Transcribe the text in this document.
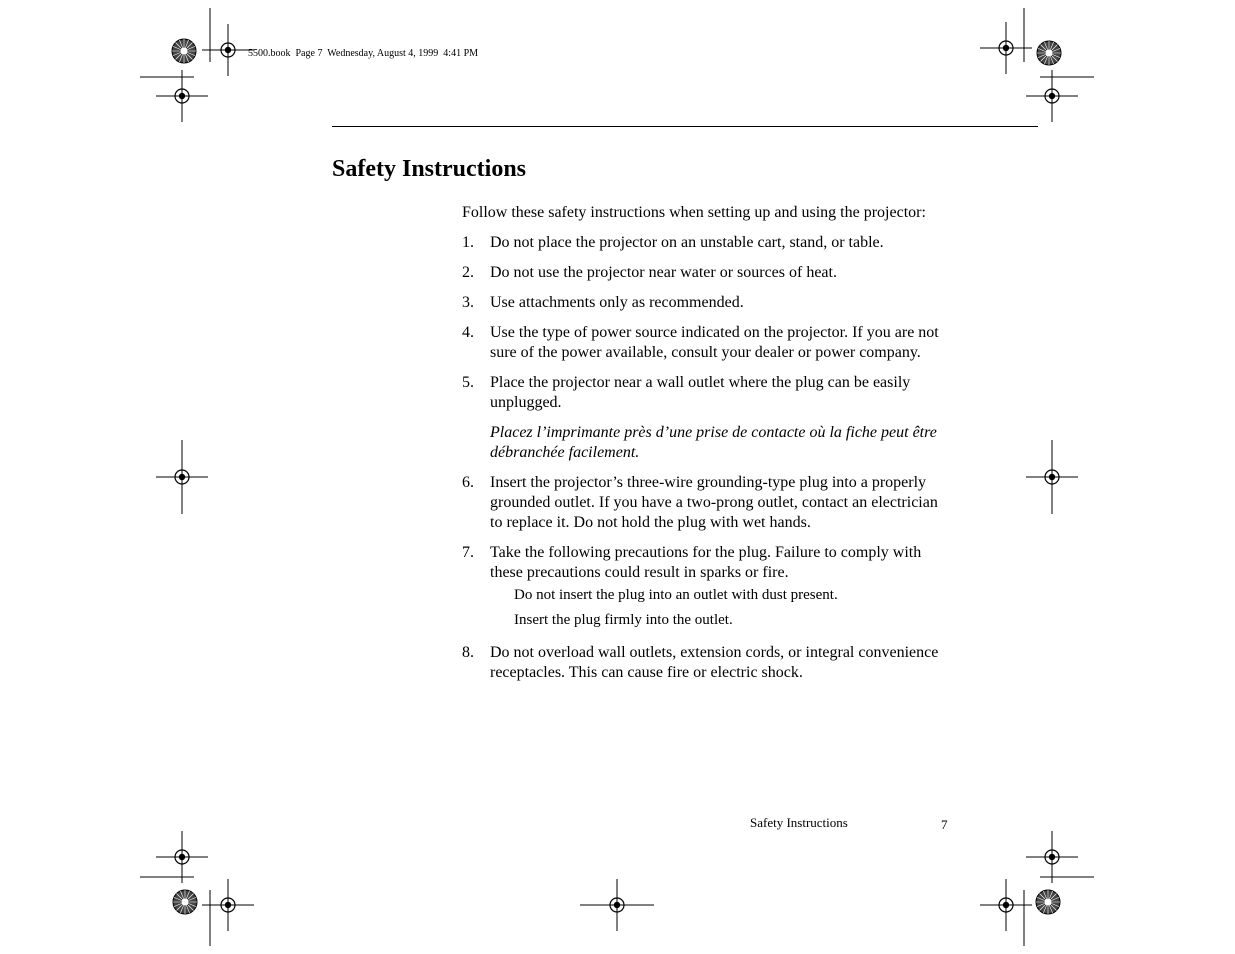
5500.book  Page 7  Wednesday, August 4, 1999  4:41 PM
Safety Instructions

Follow these safety instructions when setting up and using the projector:

1.	Do not place the projector on an unstable cart, stand, or table.

2.	Do not use the projector near water or sources of heat.

3.	Use attachments only as recommended.

4.	Use the type of power source indicated on the projector. If you are not sure of the power available, consult your dealer or power company.

5.	Place the projector near a wall outlet where the plug can be easily unplugged.

Placez l’imprimante près d’une prise de contacte où la fiche peut être débranchée facilement.

6.	Insert the projector’s three-wire grounding-type plug into a properly grounded outlet. If you have a two-prong outlet, contact an electrician to replace it. Do not hold the plug with wet hands.

7.	Take the following precautions for the plug. Failure to comply with these precautions could result in sparks or fire.

Do not insert the plug into an outlet with dust present.

Insert the plug firmly into the outlet.

8.	Do not overload wall outlets, extension cords, or integral convenience receptacles. This can cause fire or electric shock.

Safety Instructions	7
